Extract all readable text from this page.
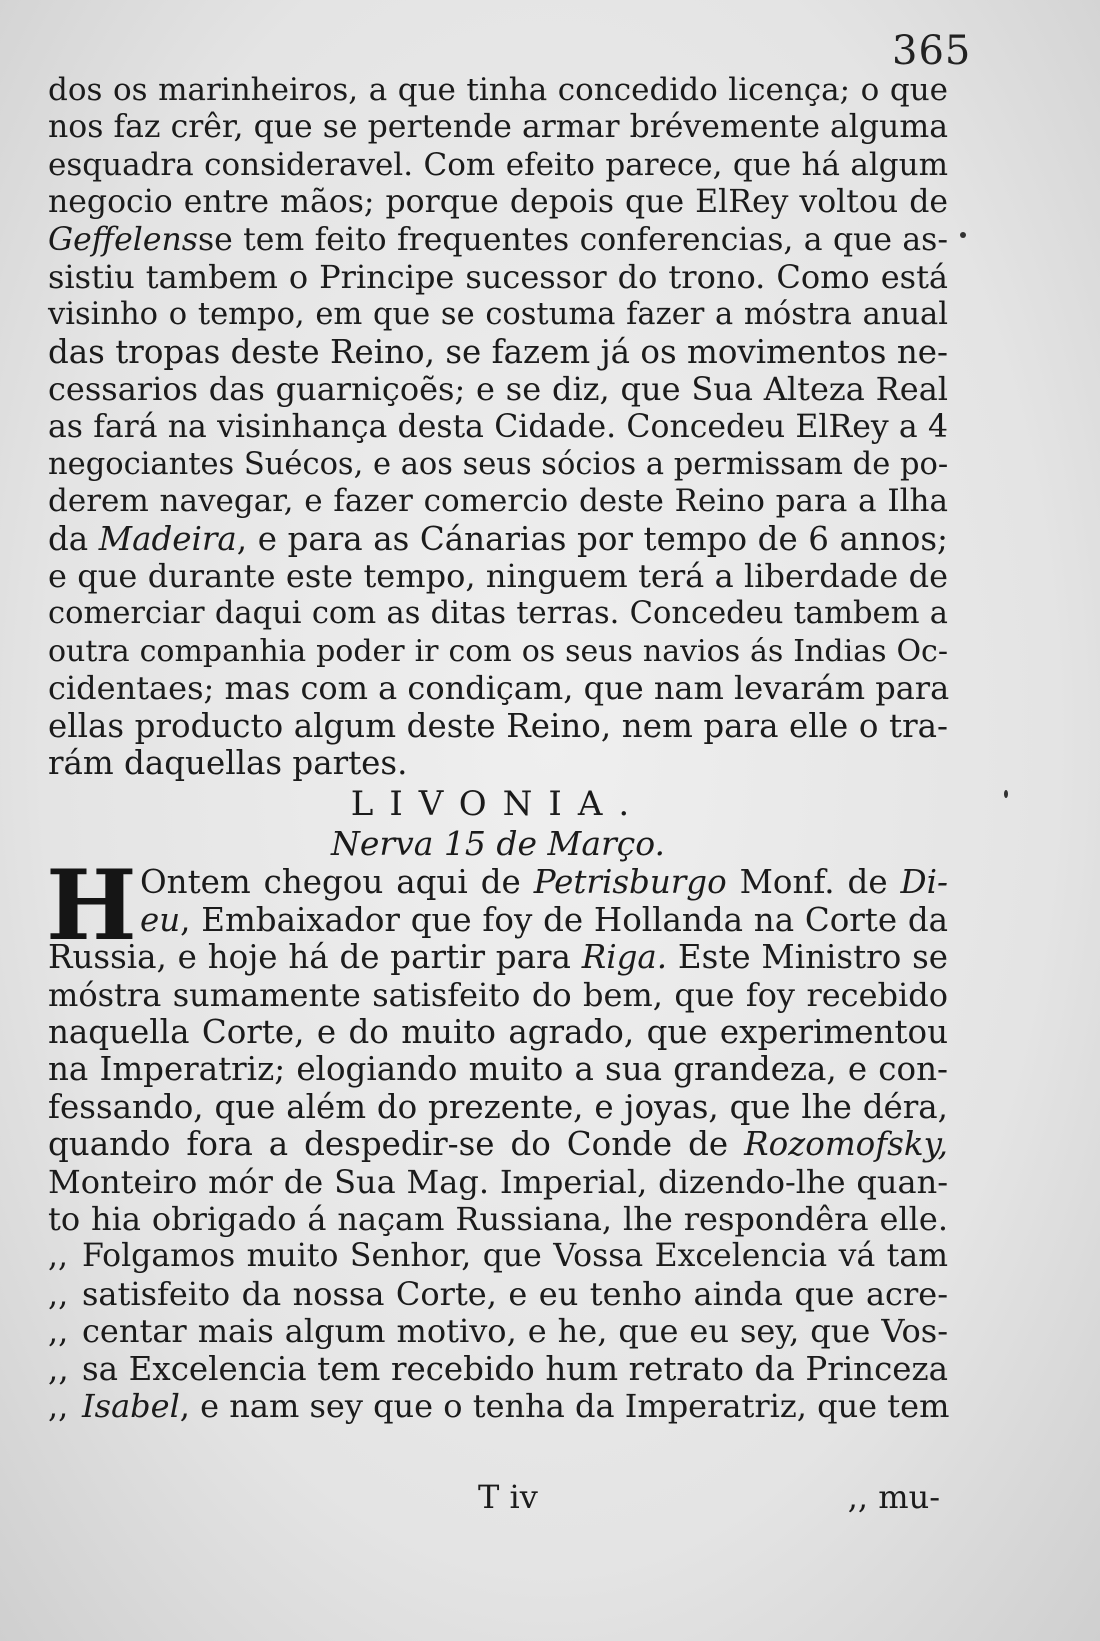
365
dos os marinheiros, a que tinha concedido licença; o que
nos faz crêr, que se pertende armar brévemente alguma
esquadra consideravel. Com efeito parece, que há algum
negocio entre mãos; porque depois que ElRey voltou de
Geffelensse tem feito frequentes conferencias, a que as-
sistiu tambem o Principe sucessor do trono. Como está
visinho o tempo, em que se costuma fazer a móstra anual
das tropas deste Reino, se fazem já os movimentos ne-
cessarios das guarniçoẽs; e se diz, que Sua Alteza Real
as fará na visinhança desta Cidade. Concedeu ElRey a 4
negociantes Suécos, e aos seus sócios a permissam de po-
derem navegar, e fazer comercio deste Reino para a Ilha
da Madeira, e para as Cánarias por tempo de 6 annos;
e que durante este tempo, ninguem terá a liberdade de
comerciar daqui com as ditas terras. Concedeu tambem a
outra companhia poder ir com os seus navios ás Indias Oc-
cidentaes; mas com a condiçam, que nam levarám para
ellas producto algum deste Reino, nem para elle o tra-
rám daquellas partes.
LIVONIA.
Nerva 15 de Março.
H Ontem chegou aqui de Petrisburgo Monf. de Di-
eu, Embaixador que foy de Hollanda na Corte da
Russia, e hoje há de partir para Riga. Este Ministro se
móstra sumamente satisfeito do bem, que foy recebido
naquella Corte, e do muito agrado, que experimentou
na Imperatriz; elogiando muito a sua grandeza, e con-
fessando, que além do prezente, e joyas, que lhe déra,
quando fora a despedir-se do Conde de Rozomofsky,
Monteiro mór de Sua Mag. Imperial, dizendo-lhe quan-
to hia obrigado á naçam Russiana, lhe respondêra elle.
,, Folgamos muito Senhor, que Vossa Excelencia vá tam
,, satisfeito da nossa Corte, e eu tenho ainda que acre-
,, centar mais algum motivo, e he, que eu sey, que Vos-
,, sa Excelencia tem recebido hum retrato da Princeza
,, Isabel, e nam sey que o tenha da Imperatriz, que tem
T iv	,, mu-
